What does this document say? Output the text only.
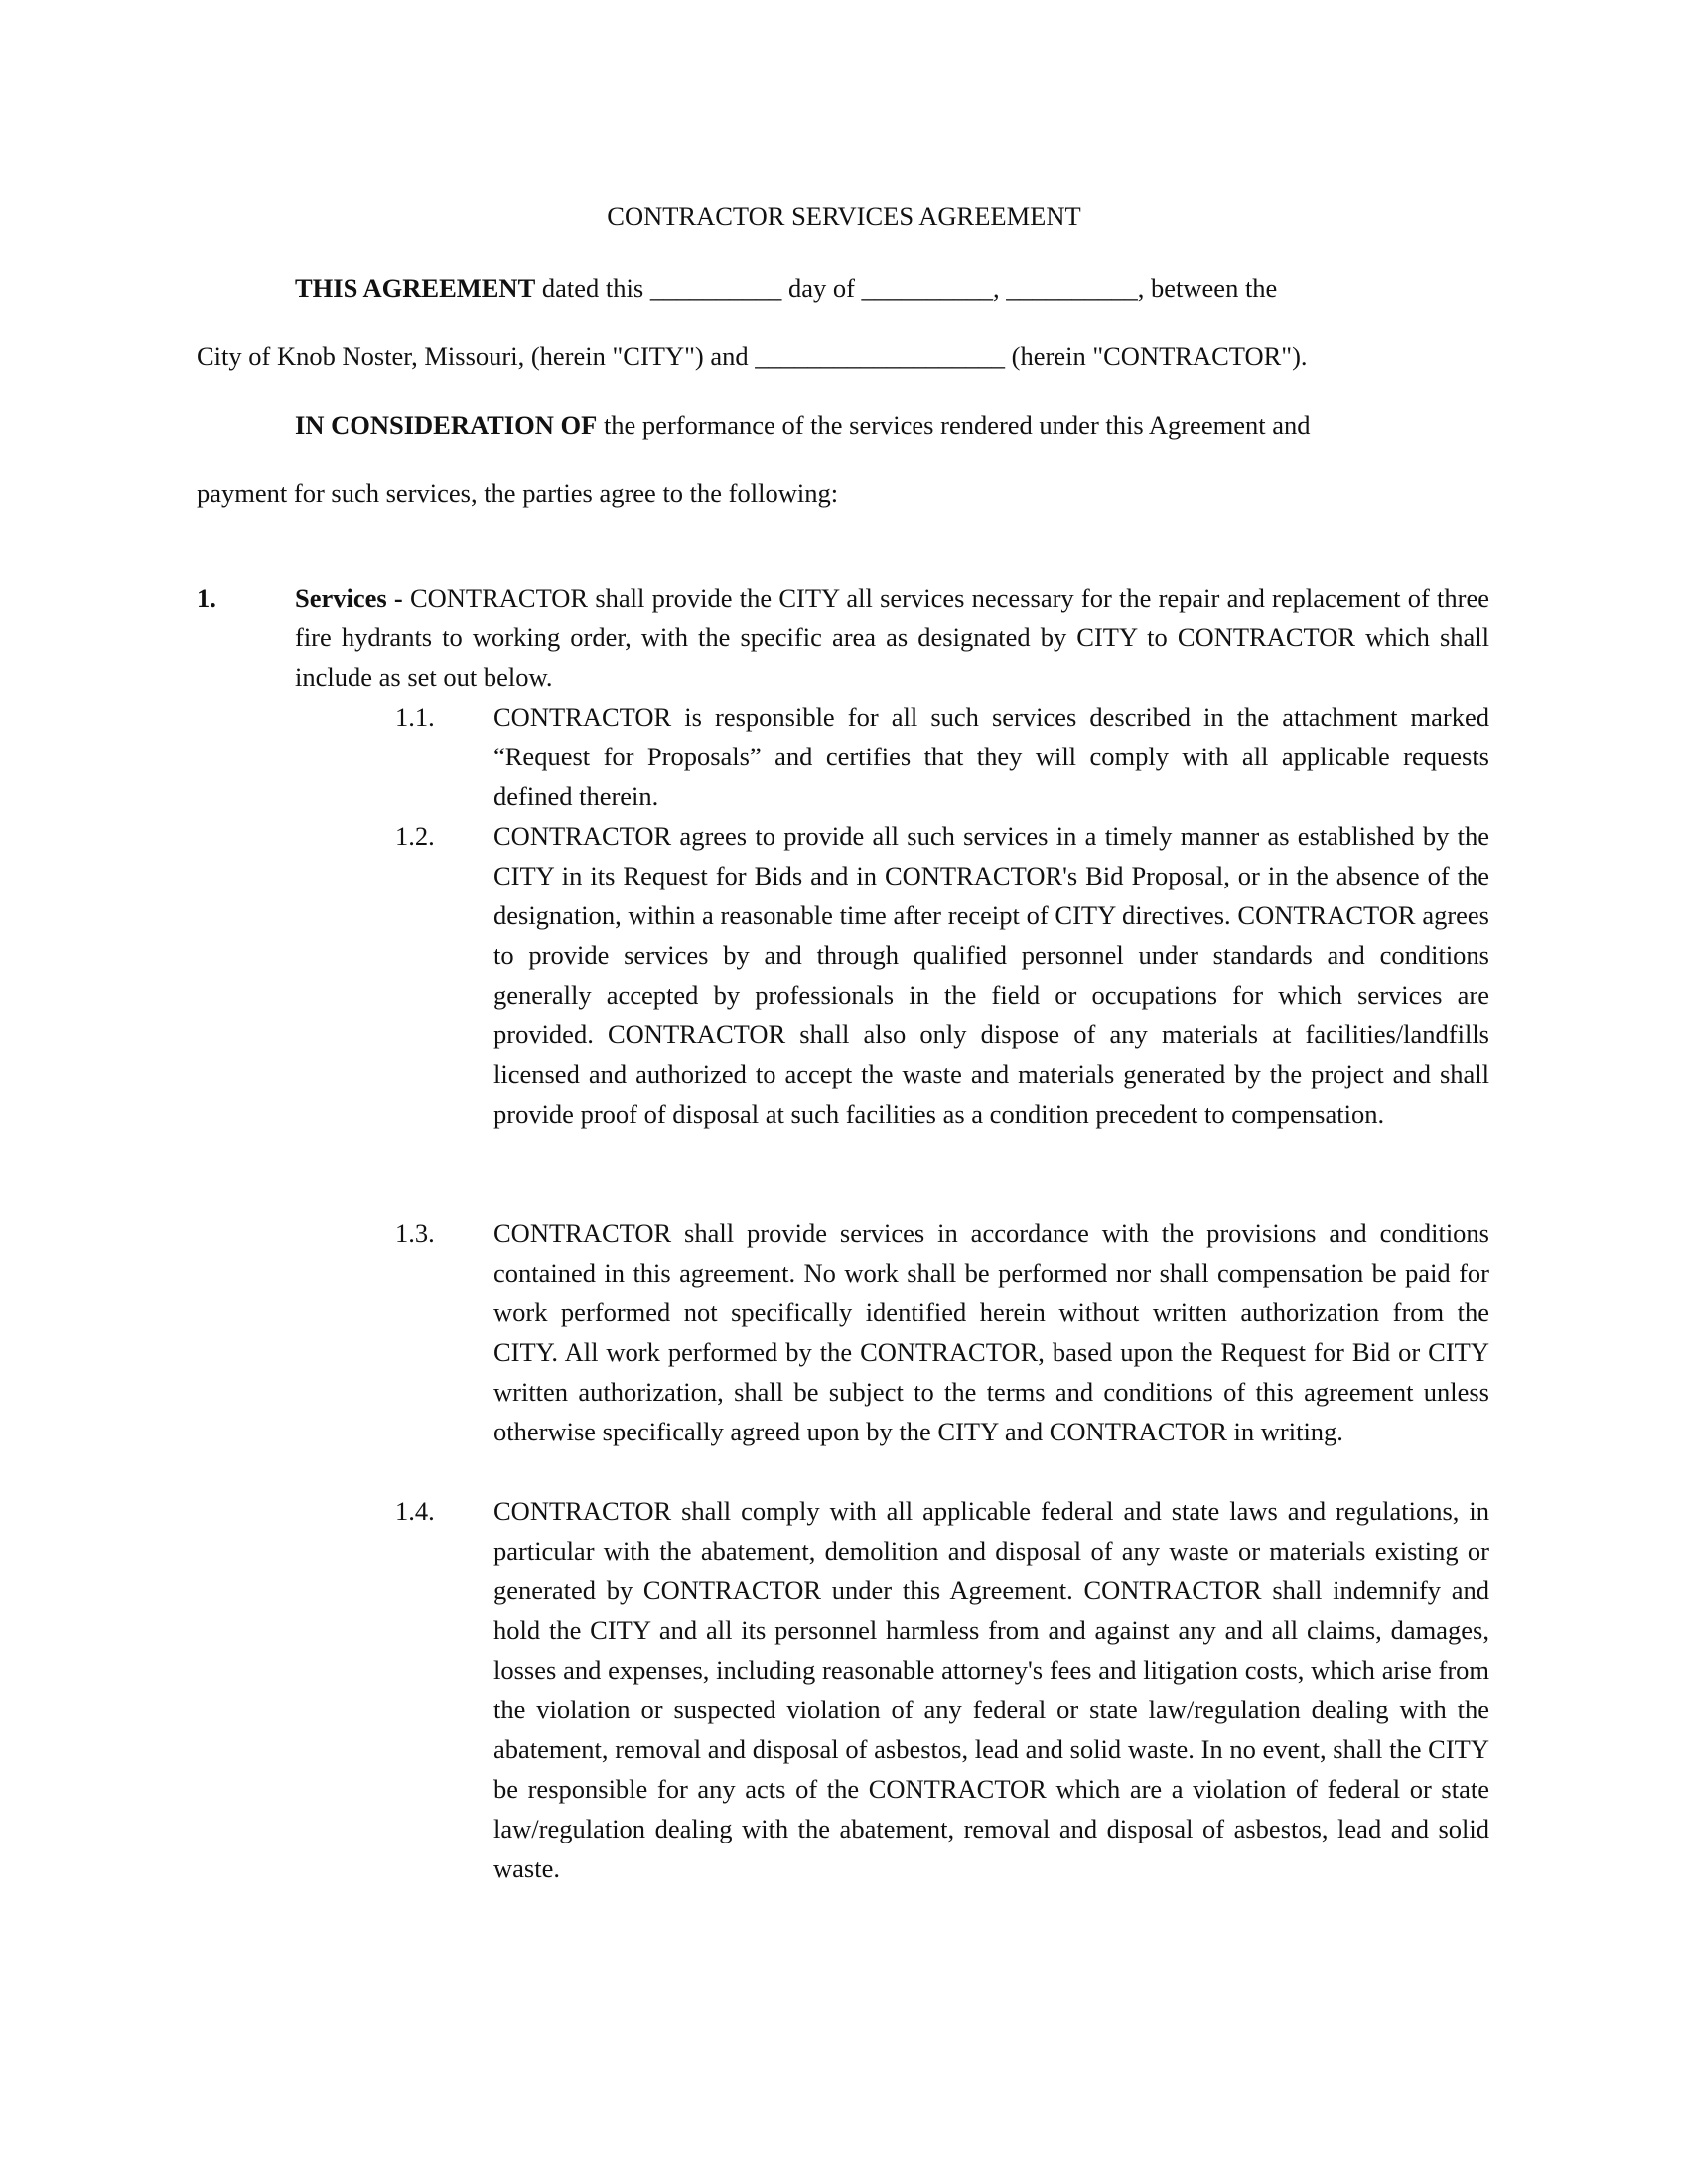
CONTRACTOR SERVICES AGREEMENT
THIS AGREEMENT dated this __________ day of __________, __________, between the
City of Knob Noster, Missouri, (herein "CITY") and ___________________ (herein "CONTRACTOR").
IN CONSIDERATION OF the performance of the services rendered under this Agreement and
payment for such services, the parties agree to the following:
1.	Services - CONTRACTOR shall provide the CITY all services necessary for the repair and replacement of three fire hydrants to working order, with the specific area as designated by CITY to CONTRACTOR which shall include as set out below.
1.1. CONTRACTOR is responsible for all such services described in the attachment marked “Request for Proposals” and certifies that they will comply with all applicable requests defined therein.
1.2. CONTRACTOR agrees to provide all such services in a timely manner as established by the CITY in its Request for Bids and in CONTRACTOR's Bid Proposal, or in the absence of the designation, within a reasonable time after receipt of CITY directives. CONTRACTOR agrees to provide services by and through qualified personnel under standards and conditions generally accepted by professionals in the field or occupations for which services are provided. CONTRACTOR shall also only dispose of any materials at facilities/landfills licensed and authorized to accept the waste and materials generated by the project and shall provide proof of disposal at such facilities as a condition precedent to compensation.
1.3. CONTRACTOR shall provide services in accordance with the provisions and conditions contained in this agreement. No work shall be performed nor shall compensation be paid for work performed not specifically identified herein without written authorization from the CITY. All work performed by the CONTRACTOR, based upon the Request for Bid or CITY written authorization, shall be subject to the terms and conditions of this agreement unless otherwise specifically agreed upon by the CITY and CONTRACTOR in writing.
1.4. CONTRACTOR shall comply with all applicable federal and state laws and regulations, in particular with the abatement, demolition and disposal of any waste or materials existing or generated by CONTRACTOR under this Agreement. CONTRACTOR shall indemnify and hold the CITY and all its personnel harmless from and against any and all claims, damages, losses and expenses, including reasonable attorney's fees and litigation costs, which arise from the violation or suspected violation of any federal or state law/regulation dealing with the abatement, removal and disposal of asbestos, lead and solid waste. In no event, shall the CITY be responsible for any acts of the CONTRACTOR which are a violation of federal or state law/regulation dealing with the abatement, removal and disposal of asbestos, lead and solid waste.
